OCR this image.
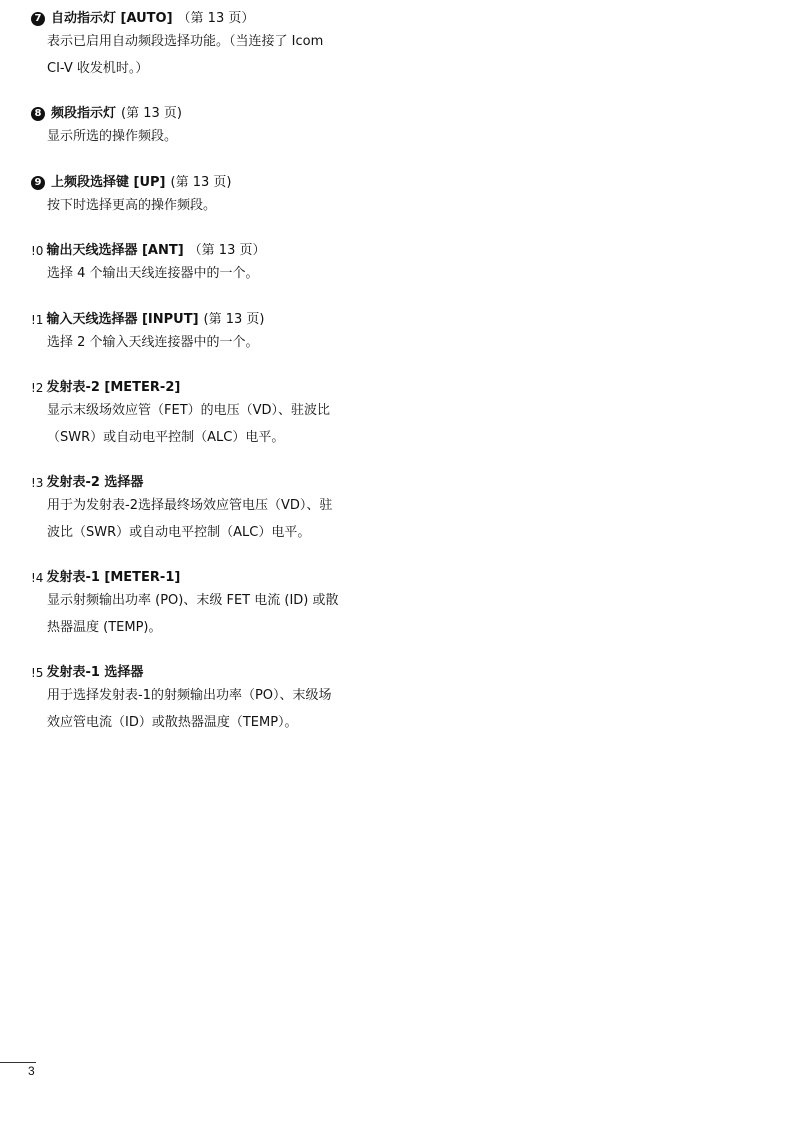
7 自动指示灯 [AUTO] （第 13 页）
表示已启用自动频段选择功能。（当连接了 Icom
CI-V 收发机时。）
8 频段指示灯 (第 13 页)
显示所选的操作频段。
9 上频段选择键 [UP] (第 13 页)
按下时选择更高的操作频段。
!0 输出天线选择器 [ANT] （第 13 页）
选择 4 个输出天线连接器中的一个。
!1 输入天线选择器 [INPUT] (第 13 页)
选择 2 个输入天线连接器中的一个。
!2 发射表-2 [METER-2]
显示末级场效应管（FET）的电压（VD）、驻波比
（SWR）或自动电平控制（ALC）电平。
!3 发射表-2 选择器
用于为发射表-2选择最终场效应管电压（VD）、驻
波比（SWR）或自动电平控制（ALC）电平。
!4 发射表-1 [METER-1]
显示射频输出功率 (PO)、末级 FET 电流 (ID) 或散
热器温度 (TEMP)。
!5 发射表-1 选择器
用于选择发射表-1的射频输出功率（PO）、末级场
效应管电流（ID）或散热器温度（TEMP）。
3
